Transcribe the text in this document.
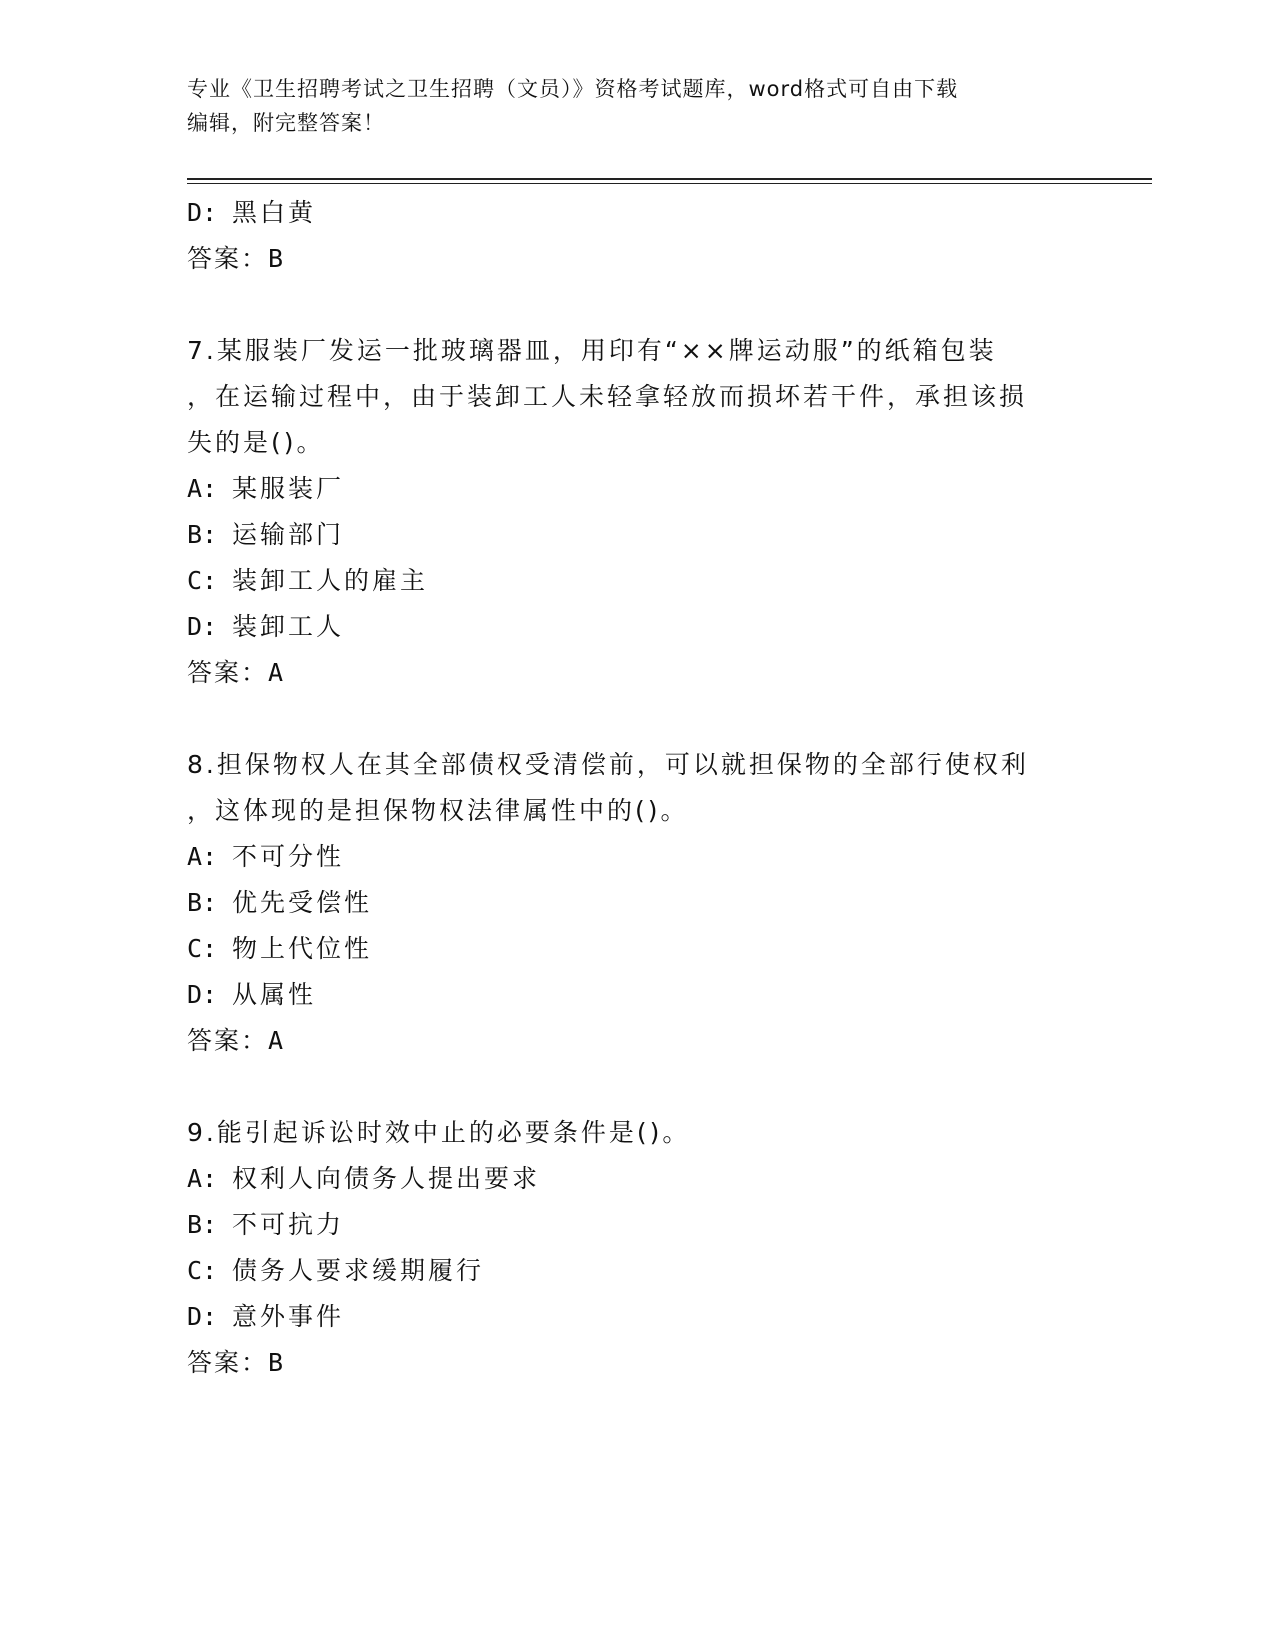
专业《卫生招聘考试之卫生招聘（文员）》资格考试题库，word格式可自由下载
编辑，附完整答案！
D: 黑白黄
答案：B
7.某服装厂发运一批玻璃器皿，用印有“××牌运动服”的纸箱包装
，在运输过程中，由于装卸工人未轻拿轻放而损坏若干件，承担该损
失的是()。
A: 某服装厂
B: 运输部门
C: 装卸工人的雇主
D: 装卸工人
答案：A
8.担保物权人在其全部债权受清偿前，可以就担保物的全部行使权利
，这体现的是担保物权法律属性中的()。
A: 不可分性
B: 优先受偿性
C: 物上代位性
D: 从属性
答案：A
9.能引起诉讼时效中止的必要条件是()。
A: 权利人向债务人提出要求
B: 不可抗力
C: 债务人要求缓期履行
D: 意外事件
答案：B
